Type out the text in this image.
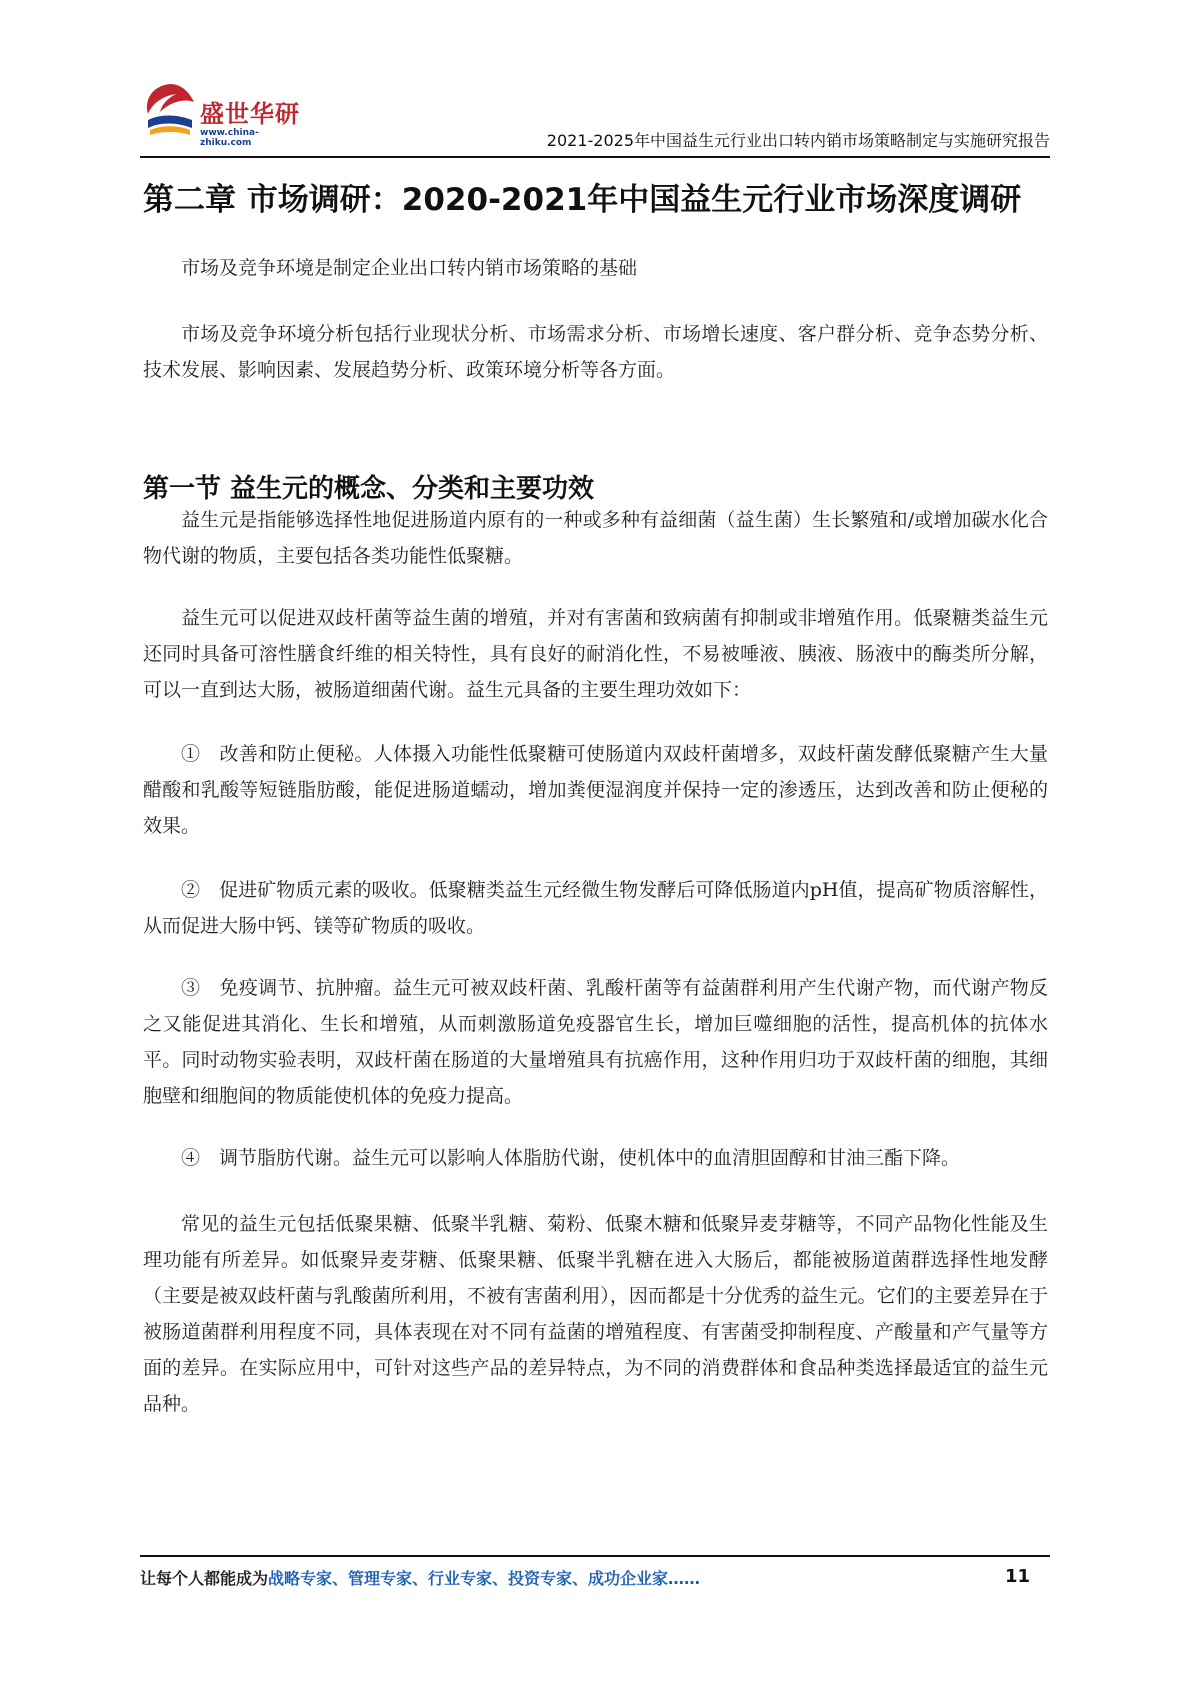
盛世华研
www.china-zhiku.com	2021-2025年中国益生元行业出口转内销市场策略制定与实施研究报告
第二章 市场调研：2020-2021年中国益生元行业市场深度调研

市场及竞争环境是制定企业出口转内销市场策略的基础

市场及竞争环境分析包括行业现状分析、市场需求分析、市场增长速度、客户群分析、竞争态势分析、技术发展、影响因素、发展趋势分析、政策环境分析等各方面。

第一节 益生元的概念、分类和主要功效

益生元是指能够选择性地促进肠道内原有的一种或多种有益细菌（益生菌）生长繁殖和/或增加碳水化合物代谢的物质，主要包括各类功能性低聚糖。

益生元可以促进双歧杆菌等益生菌的增殖，并对有害菌和致病菌有抑制或非增殖作用。低聚糖类益生元还同时具备可溶性膳食纤维的相关特性，具有良好的耐消化性，不易被唾液、胰液、肠液中的酶类所分解，可以一直到达大肠，被肠道细菌代谢。益生元具备的主要生理功效如下：

①　改善和防止便秘。人体摄入功能性低聚糖可使肠道内双歧杆菌增多，双歧杆菌发酵低聚糖产生大量醋酸和乳酸等短链脂肪酸，能促进肠道蠕动，增加粪便湿润度并保持一定的渗透压，达到改善和防止便秘的效果。

②　促进矿物质元素的吸收。低聚糖类益生元经微生物发酵后可降低肠道内pH值，提高矿物质溶解性，从而促进大肠中钙、镁等矿物质的吸收。

③　免疫调节、抗肿瘤。益生元可被双歧杆菌、乳酸杆菌等有益菌群利用产生代谢产物，而代谢产物反之又能促进其消化、生长和增殖，从而刺激肠道免疫器官生长，增加巨噬细胞的活性，提高机体的抗体水平。同时动物实验表明，双歧杆菌在肠道的大量增殖具有抗癌作用，这种作用归功于双歧杆菌的细胞，其细胞壁和细胞间的物质能使机体的免疫力提高。

④　调节脂肪代谢。益生元可以影响人体脂肪代谢，使机体中的血清胆固醇和甘油三酯下降。

常见的益生元包括低聚果糖、低聚半乳糖、菊粉、低聚木糖和低聚异麦芽糖等，不同产品物化性能及生理功能有所差异。如低聚异麦芽糖、低聚果糖、低聚半乳糖在进入大肠后，都能被肠道菌群选择性地发酵（主要是被双歧杆菌与乳酸菌所利用，不被有害菌利用），因而都是十分优秀的益生元。它们的主要差异在于被肠道菌群利用程度不同，具体表现在对不同有益菌的增殖程度、有害菌受抑制程度、产酸量和产气量等方面的差异。在实际应用中，可针对这些产品的差异特点，为不同的消费群体和食品种类选择最适宜的益生元品种。

让每个人都能成为战略专家、管理专家、行业专家、投资专家、成功企业家……	11
